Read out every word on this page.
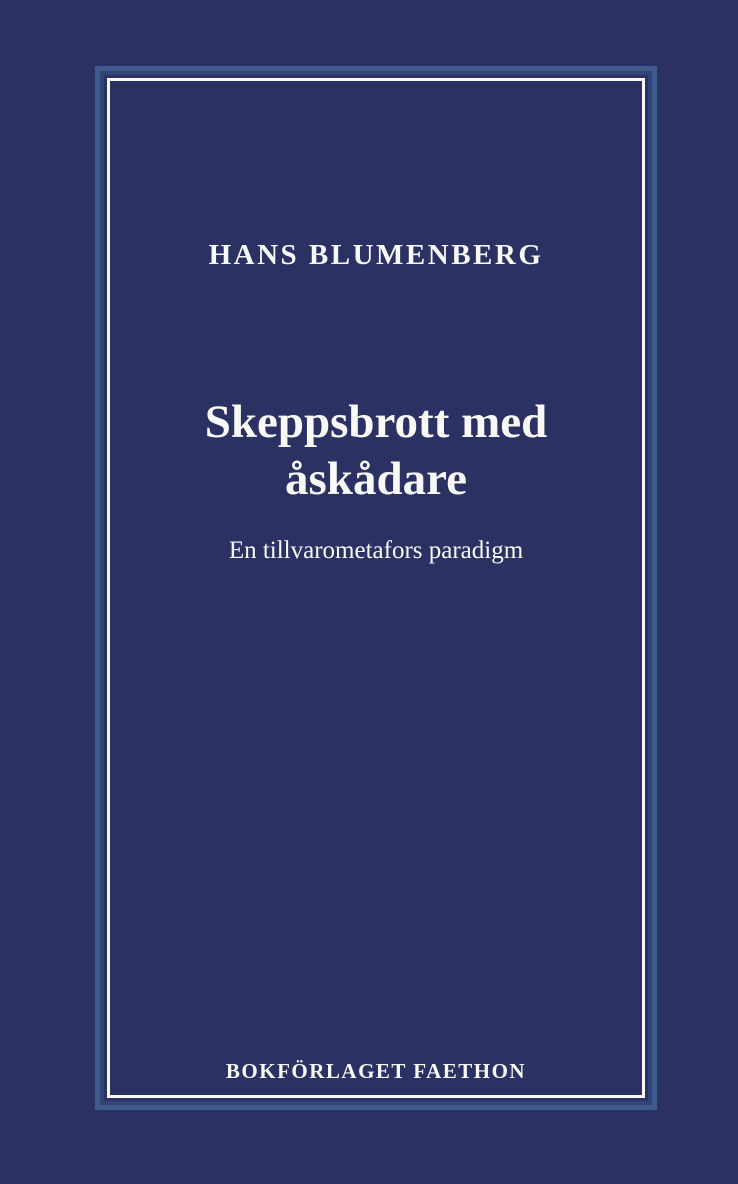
HANS BLUMENBERG
Skeppsbrott med
åskådare
En tillvarometafors paradigm
BOKFÖRLAGET FAETHON
